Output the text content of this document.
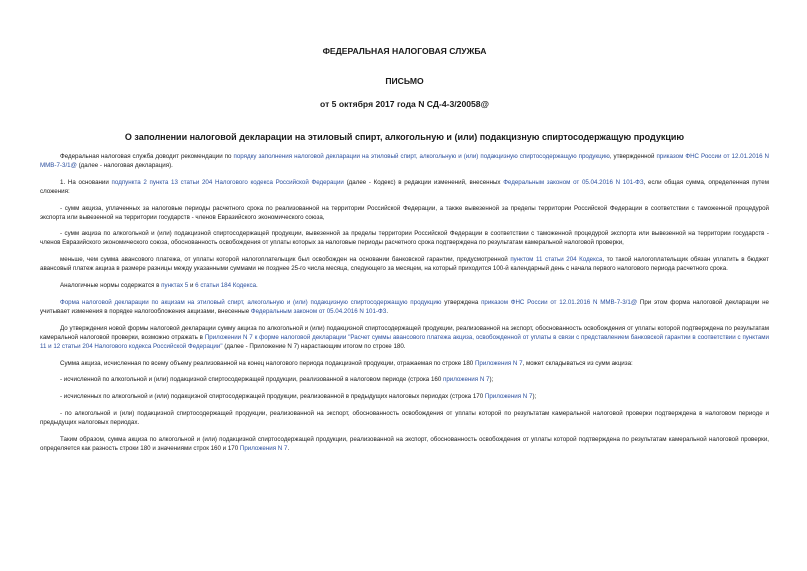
ФЕДЕРАЛЬНАЯ НАЛОГОВАЯ СЛУЖБА
ПИСЬМО
от 5 октября 2017 года N СД-4-3/20058@
О заполнении налоговой декларации на этиловый спирт, алкогольную и (или) подакцизную спиртосодержащую продукцию

Федеральная налоговая служба доводит рекомендации по порядку заполнения налоговой декларации на этиловый спирт, алкогольную и (или) подакцизную спиртосодержащую продукцию, утвержденной приказом ФНС России от 12.01.2016 N ММВ-7-3/1@ (далее - налоговая декларация).

1. На основании подпункта 2 пункта 13 статьи 204 Налогового кодекса Российской Федерации (далее - Кодекс) в редакции изменений, внесенных Федеральным законом от 05.04.2016 N 101-ФЗ, если общая сумма, определенная путем сложения:

- сумм акциза, уплаченных за налоговые периоды расчетного срока по реализованной на территории Российской Федерации, а также вывезенной за пределы территории Российской Федерации в соответствии с таможенной процедурой экспорта или вывезенной на территории государств - членов Евразийского экономического союза,

- сумм акциза по алкогольной и (или) подакцизной спиртосодержащей продукции, вывезенной за пределы территории Российской Федерации в соответствии с таможенной процедурой экспорта или вывезенной на территории государств - членов Евразийского экономического союза, обоснованность освобождения от уплаты которых за налоговые периоды расчетного срока подтверждена по результатам камеральной налоговой проверки,

меньше, чем сумма авансового платежа, от уплаты которой налогоплательщик был освобожден на основании банковской гарантии, предусмотренной пунктом 11 статьи 204 Кодекса, то такой налогоплательщик обязан уплатить в бюджет авансовый платеж акциза в размере разницы между указанными суммами не позднее 25-го числа месяца, следующего за месяцем, на который приходится 100-й календарный день с начала первого налогового периода расчетного срока.

Аналогичные нормы содержатся в пунктах 5 и 6 статьи 184 Кодекса.

Форма налоговой декларации по акцизам на этиловый спирт, алкогольную и (или) подакцизную спиртосодержащую продукцию утверждена приказом ФНС России от 12.01.2016 N ММВ-7-3/1@ При этом форма налоговой декларации не учитывает изменения в порядке налогообложения акцизами, внесенные Федеральным законом от 05.04.2016 N 101-ФЗ.

До утверждения новой формы налоговой декларации сумму акциза по алкогольной и (или) подакцизной спиртосодержащей продукции, реализованной на экспорт, обоснованность освобождения от уплаты которой подтверждена по результатам камеральной налоговой проверки, возможно отражать в Приложении N 7 к форме налоговой декларации "Расчет суммы авансового платежа акциза, освобожденной от уплаты в связи с представлением банковской гарантии в соответствии с пунктами 11 и 12 статьи 204 Налогового кодекса Российской Федерации" (далее - Приложение N 7) нарастающим итогом по строке 180.

Сумма акциза, исчисленная по всему объему реализованной на конец налогового периода подакцизной продукции, отражаемая по строке 180 Приложения N 7, может складываться из сумм акциза:

- исчисленной по алкогольной и (или) подакцизной спиртосодержащей продукции, реализованной в налоговом периоде (строка 160 приложения N 7);

- исчисленных по алкогольной и (или) подакцизной спиртосодержащей продукции, реализованной в предыдущих налоговых периодах (строка 170 Приложения N 7);

- по алкогольной и (или) подакцизной спиртосодержащей продукции, реализованной на экспорт, обоснованность освобождения от уплаты которой по результатам камеральной налоговой проверки подтверждена в налоговом периоде и предыдущих налоговых периодах.

Таким образом, сумма акциза по алкогольной и (или) подакцизной спиртосодержащей продукции, реализованной на экспорт, обоснованность освобождения от уплаты которой подтверждена по результатам камеральной налоговой проверки, определяется как разность строки 180 и значениями строк 160 и 170 Приложения N 7.
